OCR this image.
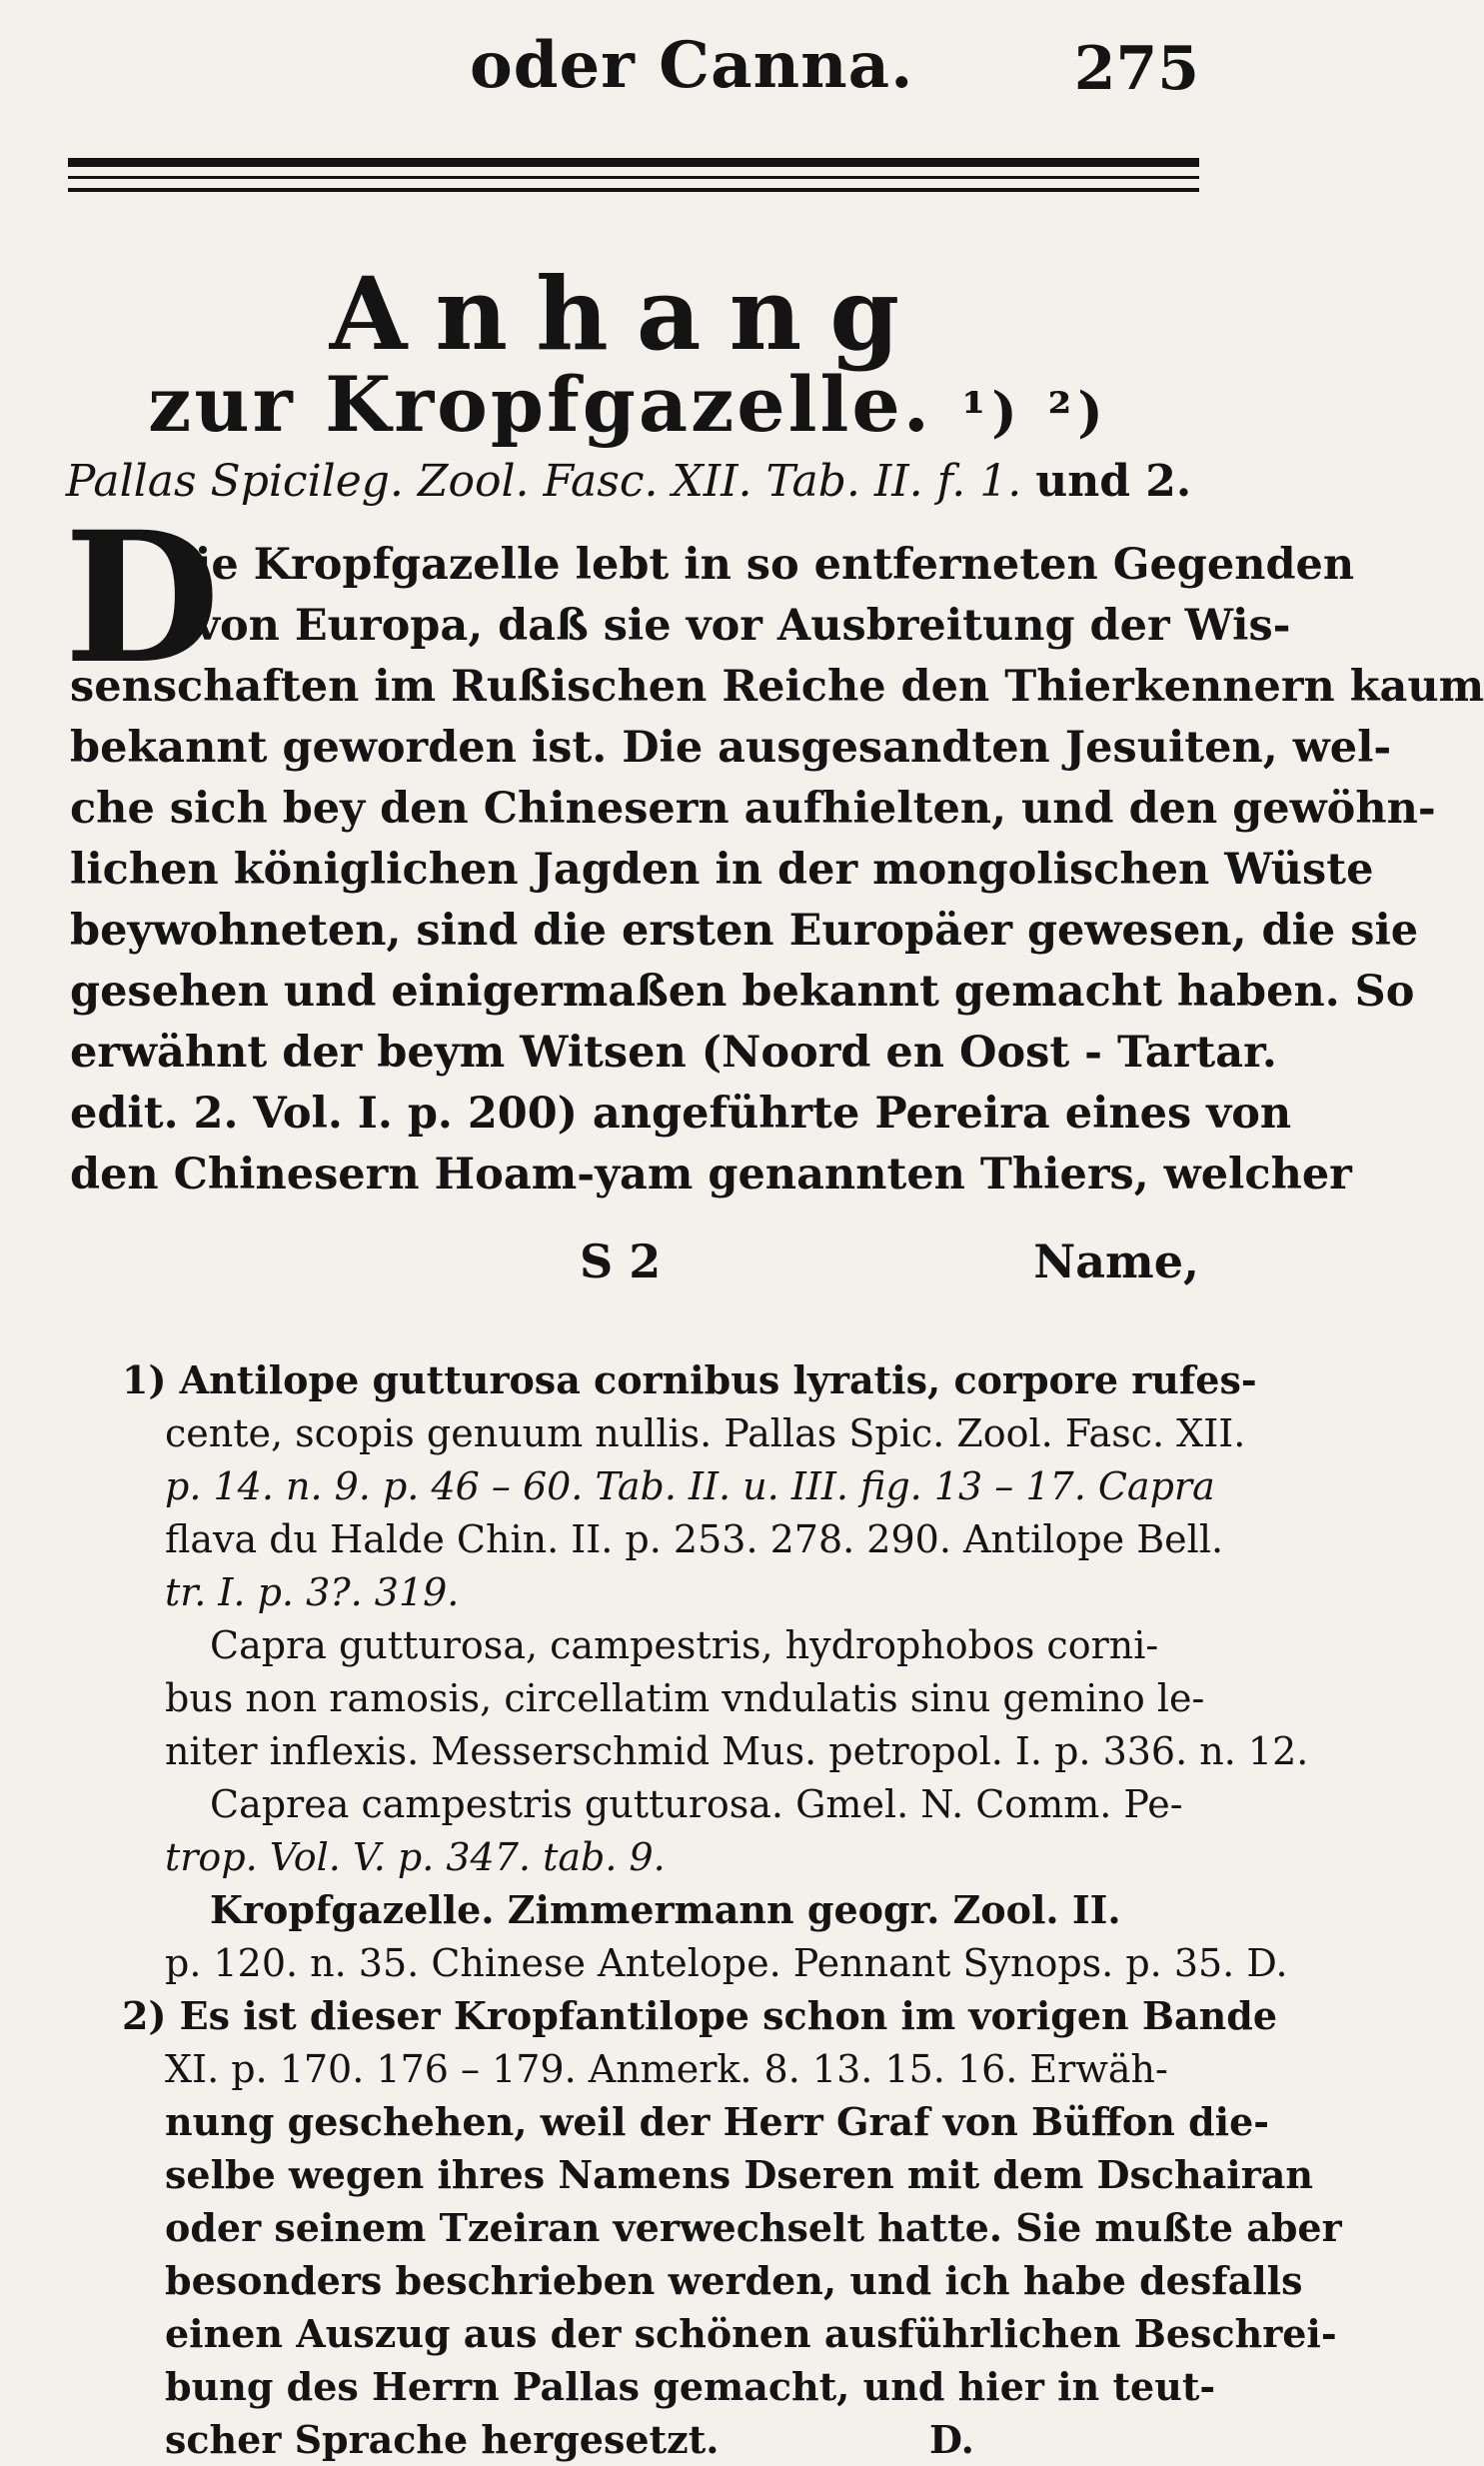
oder Canna.	275
Anhang
zur Kropfgazelle. ¹) ²)
Pallas Spicileg. Zool. Fasc. XII. Tab. II. f. 1. und 2.
D
ie Kropfgazelle lebt in so entferneten Gegenden
von Europa, daß sie vor Ausbreitung der Wis-
senschaften im Rußischen Reiche den Thierkennern kaum
bekannt geworden ist. Die ausgesandten Jesuiten, wel-
che sich bey den Chinesern aufhielten, und den gewöhn-
lichen königlichen Jagden in der mongolischen Wüste
beywohneten, sind die ersten Europäer gewesen, die sie
gesehen und einigermaßen bekannt gemacht haben. So
erwähnt der beym Witsen (Noord en Oost - Tartar.
edit. 2. Vol. I. p. 200) angeführte Pereira eines von
den Chinesern Hoam-yam genannten Thiers, welcher
S 2	Name,
1) Antilope gutturosa cornibus lyratis, corpore rufes-
cente, scopis genuum nullis. Pallas Spic. Zool. Fasc. XII.
p. 14. n. 9. p. 46 – 60. Tab. II. u. III. fig. 13 – 17. Capra
flava du Halde Chin. II. p. 253. 278. 290. Antilope Bell.
tr. I. p. 3?. 319.
Capra gutturosa, campestris, hydrophobos corni-
bus non ramosis, circellatim vndulatis sinu gemino le-
niter inflexis. Messerschmid Mus. petropol. I. p. 336. n. 12.
Caprea campestris gutturosa. Gmel. N. Comm. Pe-
trop. Vol. V. p. 347. tab. 9.
Kropfgazelle. Zimmermann geogr. Zool. II.
p. 120. n. 35. Chinese Antelope. Pennant Synops. p. 35. D.
2) Es ist dieser Kropfantilope schon im vorigen Bande
XI. p. 170. 176 – 179. Anmerk. 8. 13. 15. 16. Erwäh-
nung geschehen, weil der Herr Graf von Büffon die-
selbe wegen ihres Namens Dseren mit dem Dschairan
oder seinem Tzeiran verwechselt hatte. Sie mußte aber
besonders beschrieben werden, und ich habe desfalls
einen Auszug aus der schönen ausführlichen Beschrei-
bung des Herrn Pallas gemacht, und hier in teut-
scher Sprache hergesetzt.	D.
